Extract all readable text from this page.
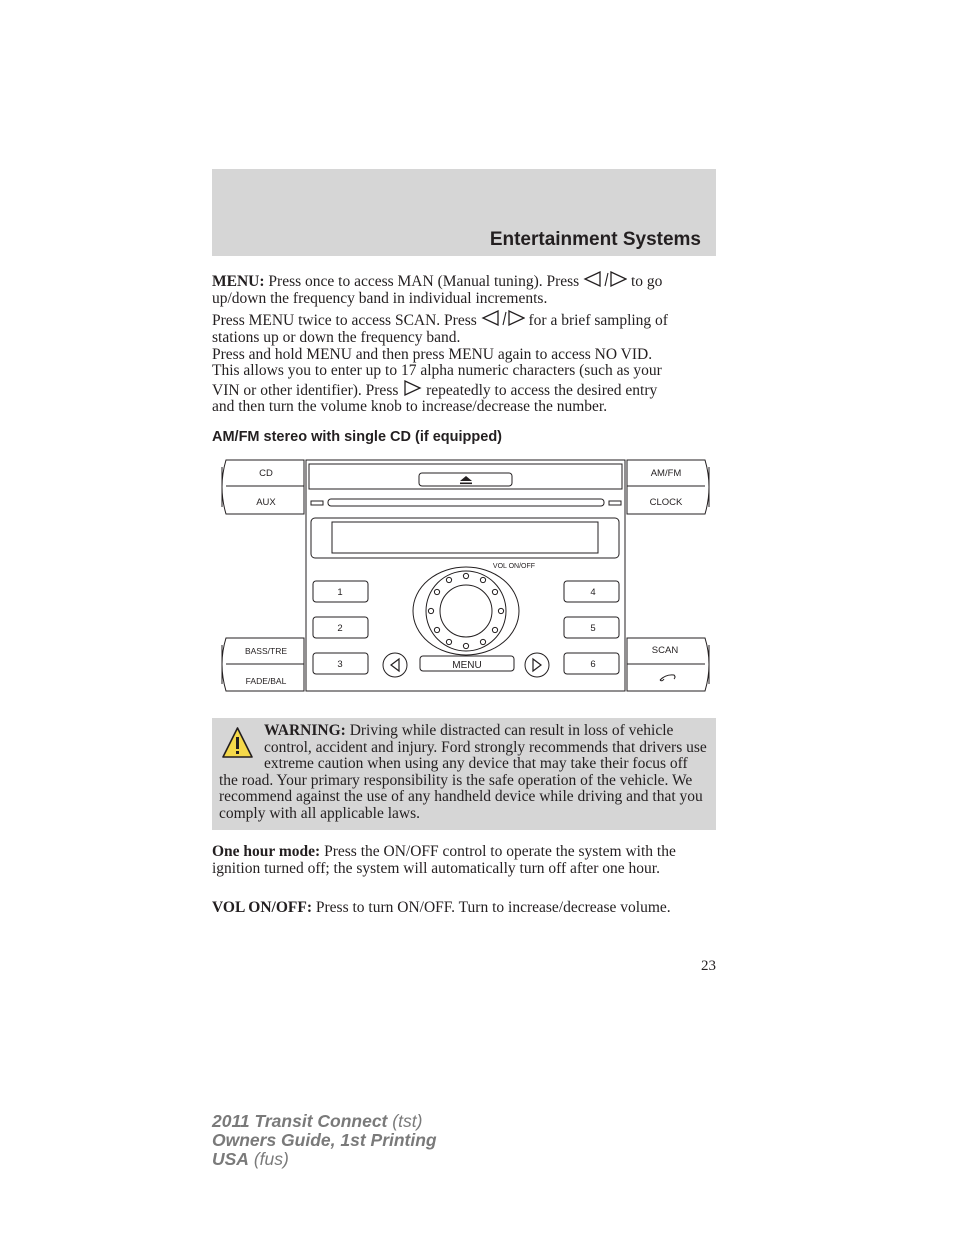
Entertainment Systems
MENU: Press once to access MAN (Manual tuning). Press	to go
up/down the frequency band in individual increments.
Press MENU twice to access SCAN. Press	for a brief sampling of
stations up or down the frequency band.
Press and hold MENU and then press MENU again to access NO VID.
This allows you to enter up to 17 alpha numeric characters (such as your
VIN or other identifier). Press repeatedly to access the desired entry
and then turn the volume knob to increase/decrease the number.
AM/FM stereo with single CD (if equipped)
CD
AUX
AM/FM
CLOCK
BASS/TRE
FADE/BAL
SCAN
VOL ON/OFF
MENU
1
2
3
4
5
6
WARNING: Driving while distracted can result in loss of vehicle control, accident and injury. Ford strongly recommends that drivers use extreme caution when using any device that may take their focus off the road. Your primary responsibility is the safe operation of the vehicle. We recommend against the use of any handheld device while driving and that you comply with all applicable laws.
One hour mode: Press the ON/OFF control to operate the system with the ignition turned off; the system will automatically turn off after one hour.
VOL ON/OFF: Press to turn ON/OFF. Turn to increase/decrease volume.
23
2011 Transit Connect (tst)
Owners Guide, 1st Printing
USA (fus)
